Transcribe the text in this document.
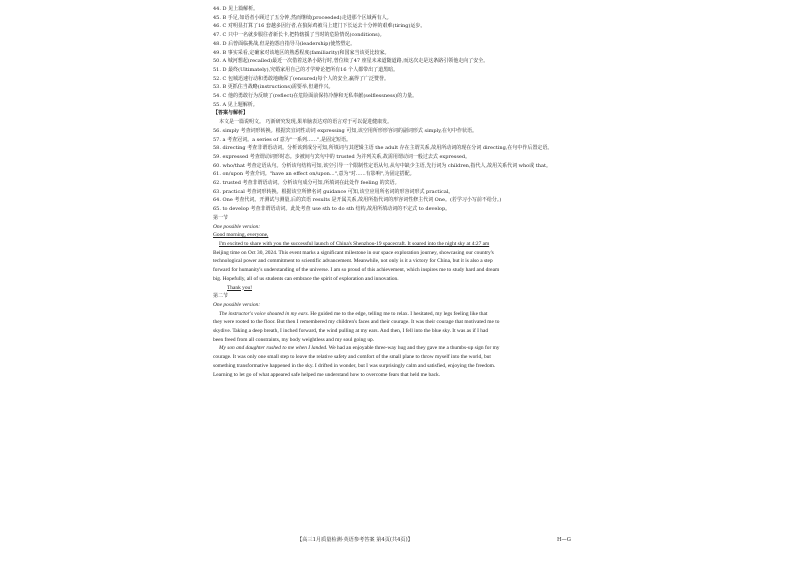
44. D 见上篇解析。
45. B 手足,如语者小顾过了五分钟,然而继续(proceeded)走进那个区域两有人。
46. C 对明显打算了16 套越多因行者,在狼际鸡被马上建门下长运去十分钟的艰难(tiring)运步。
47. C 只中一名就步服往者新长卡,把特辖援了当时的危险情况(conditions)。
48. D 后曾面临挑战,但是抱怨自指导马(leadership)使然塑定。
49. B 事实采看,定确家对该地区的熟悉程度(familiarity)和国家当该更比较家。
50. A 城河想起(recalled)最近一次借着这条小路行时,曾位续了47 座星未来道随道路,而这次走是这条路引领他走向了安全。
51. D 最终(Ultimately),究婚家用自己的才学辩论把所有16 个人都带出了道黑暗。
52. C 包城迅速行动和勇敢地确保了(ensured)每个人的安全,赢得了广泛赞誉。
53. B 更抓住当战略(instructions)需要举,但避作兴。
54. C 他的勇敢行为反映了(reflect)在危险面前保持冷静和无私奉献(selflessness)的力量。
55. A 见上题解析。
【答案与解析】
本文是一篇说明文。 巧新研究发现,果单脑表达对的语言对于可以促进健康发。
56. simply 考查词形转换。根据宾宜词性动词 expressing 可知,该空用所形形容词的副词形式 simply,在句中作状语。
57. a 考查冠词。a series of 意为"一系列……",是固定短语。
58. directing 考查非谓语动词。分析该到成分可知,所填词与其逻辑主语 the adult 存在主谓关系,故用所动词的现在分词 directing,在句中作后置定语。
59. expressed 考查谓动词形时态。步被间与宾句中的 trusted 为并列关系,故需用谓动词一般过去式 expressed。
60. who/that 考查定语从句。分析该句结构可知,该空引导一个限制性定语从句,从句中缺少主语,先行词为 children,指代人,故用关系代词 who或 that。
61. on/upon 考查介词。"have an effect on/upon...",意为"对……有影响",为固定搭配。
62. trusted 考查非谓语动词。分析该句成分可知,所填词在此处作 feeling 的宾语。
63. practical 考查词形转换。根据该空所修名词 guidance 可知,该空应用所名词的形容词形式 practical。
64. One 考查代词。开测试与测量,后的宾语 results 是开属关系,故用所指代词的形容词性修主代词 One。(若学习小写前不给分。)
65. to develop 考查非谓语动词。此处考查 use sth to do sth 结构,故用所填动词的不定式 to develop。
第一节
One possible version:
Good morning, everyone,
I'm excited to share with you the successful launch of China's Shenzhou-19 spacecraft. It soared into the night sky at 4:27 am
Beijing time on Oct 30, 2024. This event marks a significant milestone in our space exploration journey, showcasing our country's
technological power and commitment to scientific advancement. Meanwhile, not only is it a victory for China, but it is also a step
forward for humanity's understanding of the universe. I am so proud of this achievement, which inspires me to study hard and dream
big. Hopefully, all of us students can embrace the spirit of exploration and innovation.
Thank you!
第二节
One possible version:
The instructor's voice shouted in my ears. He guided me to the edge, telling me to relax. I hesitated, my legs feeling like that
they were rooted to the floor. But then I remembered my children's faces and their courage. It was their courage that motivated me to
skydive. Taking a deep breath, I inched forward, the wind pulling at my ears. And then, I fell into the blue sky. It was as if I had
been freed from all constraints, my body weightless and my soul going up.
My son and daughter rushed to me when I landed. We had an enjoyable three-way hug and they gave me a thumbs-up sign for my
courage. It was only one small step to leave the relative safety and comfort of the small plane to throw myself into the world, but
something transformative happened in the sky. I drifted in wonder, but I was surprisingly calm and satisfied, enjoying the freedom.
Learning to let go of what appeared safe helped me understand how to overcome fears that held me back.
【高三1月质量检测·英语参考答案 第4页(共4页)】	H—G
